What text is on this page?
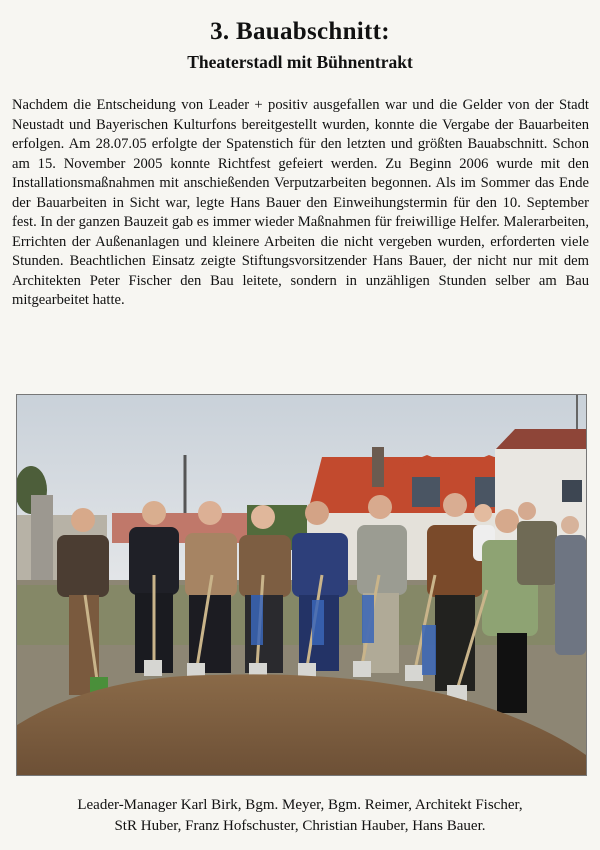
3. Bauabschnitt:
Theaterstadl mit Bühnentrakt
Nachdem die Entscheidung von Leader + positiv ausgefallen war und die Gelder von der Stadt Neustadt und Bayerischen Kulturfons bereitgestellt wurden, konnte die Vergabe der Bauarbeiten erfolgen. Am 28.07.05 erfolgte der Spatenstich für den letzten und größten Bauabschnitt. Schon am 15. November 2005 konnte Richtfest gefeiert werden. Zu Beginn 2006 wurde mit den Installationsmaßnahmen mit anschießenden Verputzarbeiten begonnen. Als im Sommer das Ende der Bauarbeiten in Sicht war, legte Hans Bauer den Einweihungstermin für den 10. September fest. In der ganzen Bauzeit gab es immer wieder Maßnahmen für freiwillige Helfer. Malerarbeiten, Errichten der Außenanlagen und kleinere Arbeiten die nicht vergeben wurden, erforderten viele Stunden. Beachtlichen Einsatz zeigte Stiftungsvorsitzender Hans Bauer, der nicht nur mit dem Architekten Peter Fischer den Bau leitete, sondern in unzähligen Stunden selber am Bau mitgearbeitet hatte.
Leader-Manager Karl Birk, Bgm. Meyer, Bgm. Reimer, Architekt Fischer,
StR Huber, Franz Hofschuster, Christian Hauber, Hans Bauer.
